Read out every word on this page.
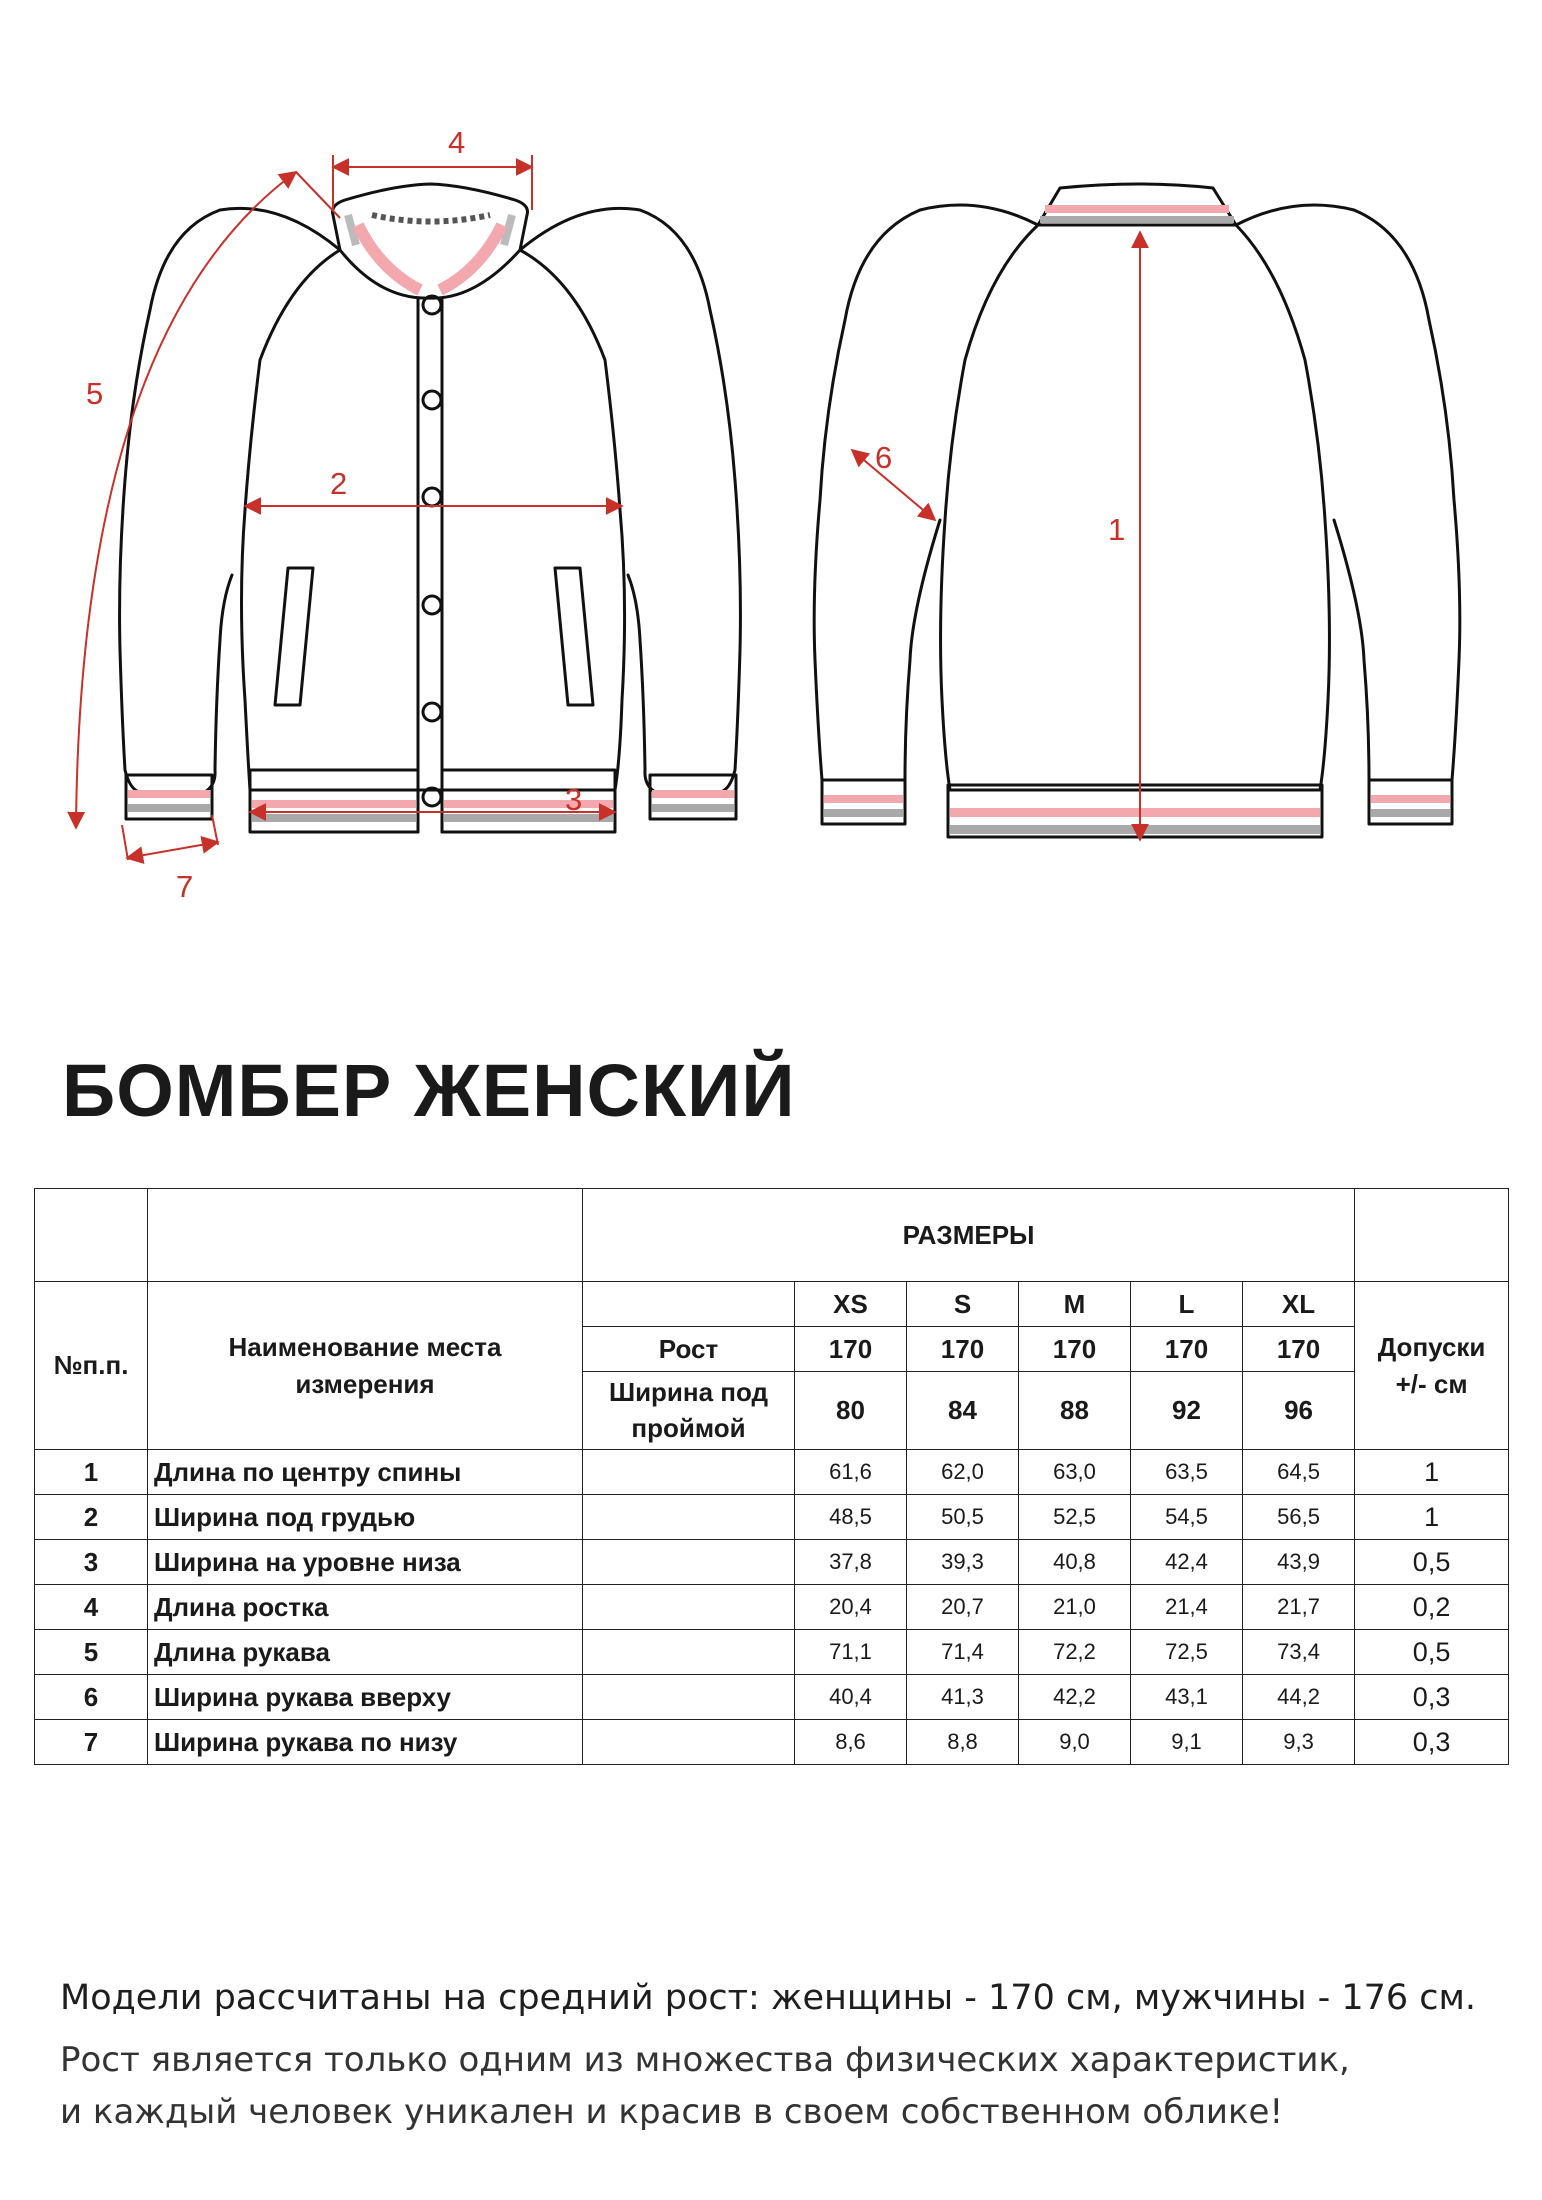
1
2
3
4
5
6
7
БОМБЕР ЖЕНСКИЙ
		РАЗМЕРЫ						
№п.п.	Наименование места измерения		XS	S	M	L	XL	Допуски +/- см
		Рост	170	170	170	170	170	
		Ширина под проймой	80	84	88	92	96	
1	Длина по центру спины		61,6	62,0	63,0	63,5	64,5	1
2	Ширина под грудью		48,5	50,5	52,5	54,5	56,5	1
3	Ширина на уровне низа		37,8	39,3	40,8	42,4	43,9	0,5
4	Длина ростка		20,4	20,7	21,0	21,4	21,7	0,2
5	Длина рукава		71,1	71,4	72,2	72,5	73,4	0,5
6	Ширина рукава вверху		40,4	41,3	42,2	43,1	44,2	0,3
7	Ширина рукава по низу		8,6	8,8	9,0	9,1	9,3	0,3

Модели рассчитаны на средний рост: женщины - 170 см, мужчины - 176 см.

Рост является только одним из множества физических характеристик,

и каждый человек уникален и красив в своем собственном облике!
